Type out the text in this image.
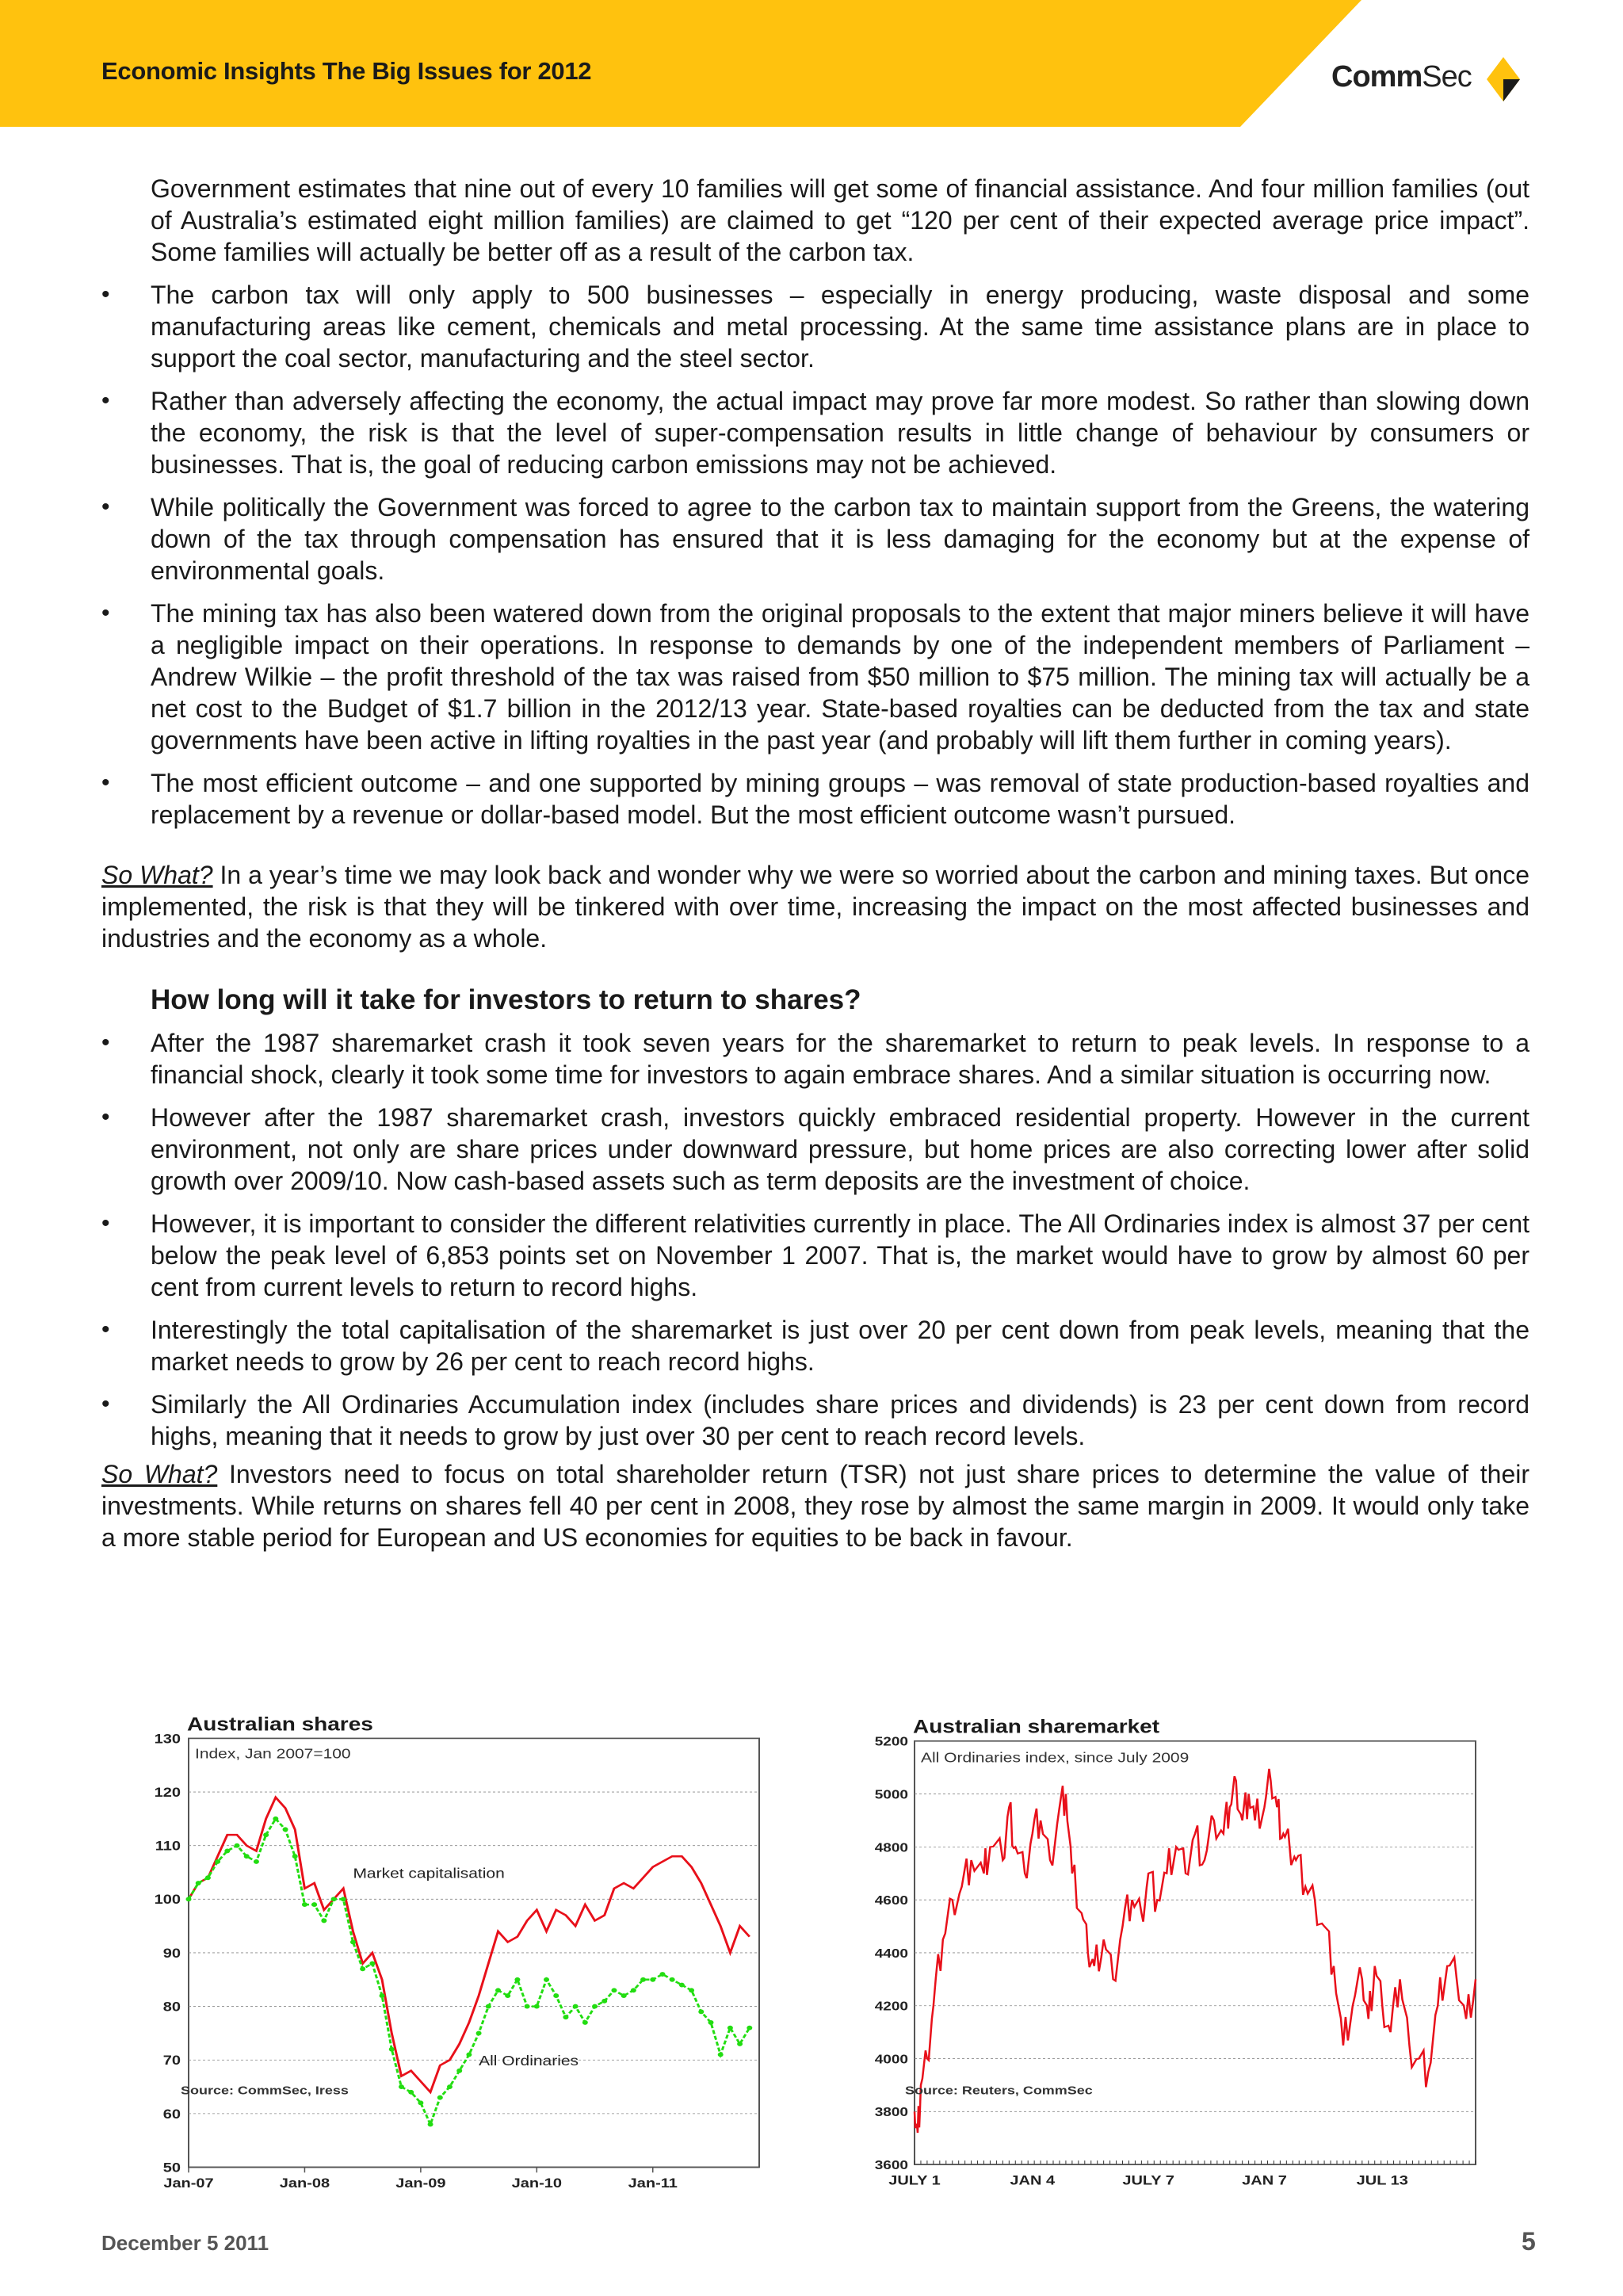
Economic Insights The Big Issues for 2012	CommSec

Government estimates that nine out of every 10 families will get some of financial assistance. And four million families (out of Australia’s estimated eight million families) are claimed to get “120 per cent of their expected average price impact”. Some families will actually be better off as a result of the carbon tax.

• The carbon tax will only apply to 500 businesses – especially in energy producing, waste disposal and some manufacturing areas like cement, chemicals and metal processing. At the same time assistance plans are in place to support the coal sector, manufacturing and the steel sector.
• Rather than adversely affecting the economy, the actual impact may prove far more modest. So rather than slowing down the economy, the risk is that the level of super-compensation results in little change of behaviour by consumers or businesses. That is, the goal of reducing carbon emissions may not be achieved.
• While politically the Government was forced to agree to the carbon tax to maintain support from the Greens, the watering down of the tax through compensation has ensured that it is less damaging for the economy but at the expense of environmental goals.
• The mining tax has also been watered down from the original proposals to the extent that major miners believe it will have a negligible impact on their operations. In response to demands by one of the independent members of Parliament – Andrew Wilkie – the profit threshold of the tax was raised from $50 million to $75 million. The mining tax will actually be a net cost to the Budget of $1.7 billion in the 2012/13 year. State-based royalties can be deducted from the tax and state governments have been active in lifting royalties in the past year (and probably will lift them further in coming years).
• The most efficient outcome – and one supported by mining groups – was removal of state production-based royalties and replacement by a revenue or dollar-based model. But the most efficient outcome wasn’t pursued.

So What? In a year’s time we may look back and wonder why we were so worried about the carbon and mining taxes. But once implemented, the risk is that they will be tinkered with over time, increasing the impact on the most affected businesses and industries and the economy as a whole.

How long will it take for investors to return to shares?
• After the 1987 sharemarket crash it took seven years for the sharemarket to return to peak levels. In response to a financial shock, clearly it took some time for investors to again embrace shares. And a similar situation is occurring now.
• However after the 1987 sharemarket crash, investors quickly embraced residential property. However in the current environment, not only are share prices under downward pressure, but home prices are also correcting lower after solid growth over 2009/10. Now cash-based assets such as term deposits are the investment of choice.
• However, it is important to consider the different relativities currently in place. The All Ordinaries index is almost 37 per cent below the peak level of 6,853 points set on November 1 2007. That is, the market would have to grow by almost 60 per cent from current levels to return to record highs.
• Interestingly the total capitalisation of the sharemarket is just over 20 per cent down from peak levels, meaning that the market needs to grow by 26 per cent to reach record highs.
• Similarly the All Ordinaries Accumulation index (includes share prices and dividends) is 23 per cent down from record highs, meaning that it needs to grow by just over 30 per cent to reach record levels.

So What? Investors need to focus on total shareholder return (TSR) not just share prices to determine the value of their investments. While returns on shares fell 40 per cent in 2008, they rose by almost the same margin in 2009. It would only take a more stable period for European and US economies for equities to be back in favour.

Australian shares
Index, Jan 2007=100
130
120
110
100
90
80
70
60
50
Jan-07	Jan-08	Jan-09	Jan-10	Jan-11
Market capitalisation
All Ordinaries
Source: CommSec, Iress
Australian sharemarket
All Ordinaries index, since July 2009
5200
5000
4800
4600
4400
4200
4000
3800
3600
JULY 1	JAN 4	JULY 7	JAN 7	JUL 13
Source: Reuters, CommSec
December 5 2011	5
